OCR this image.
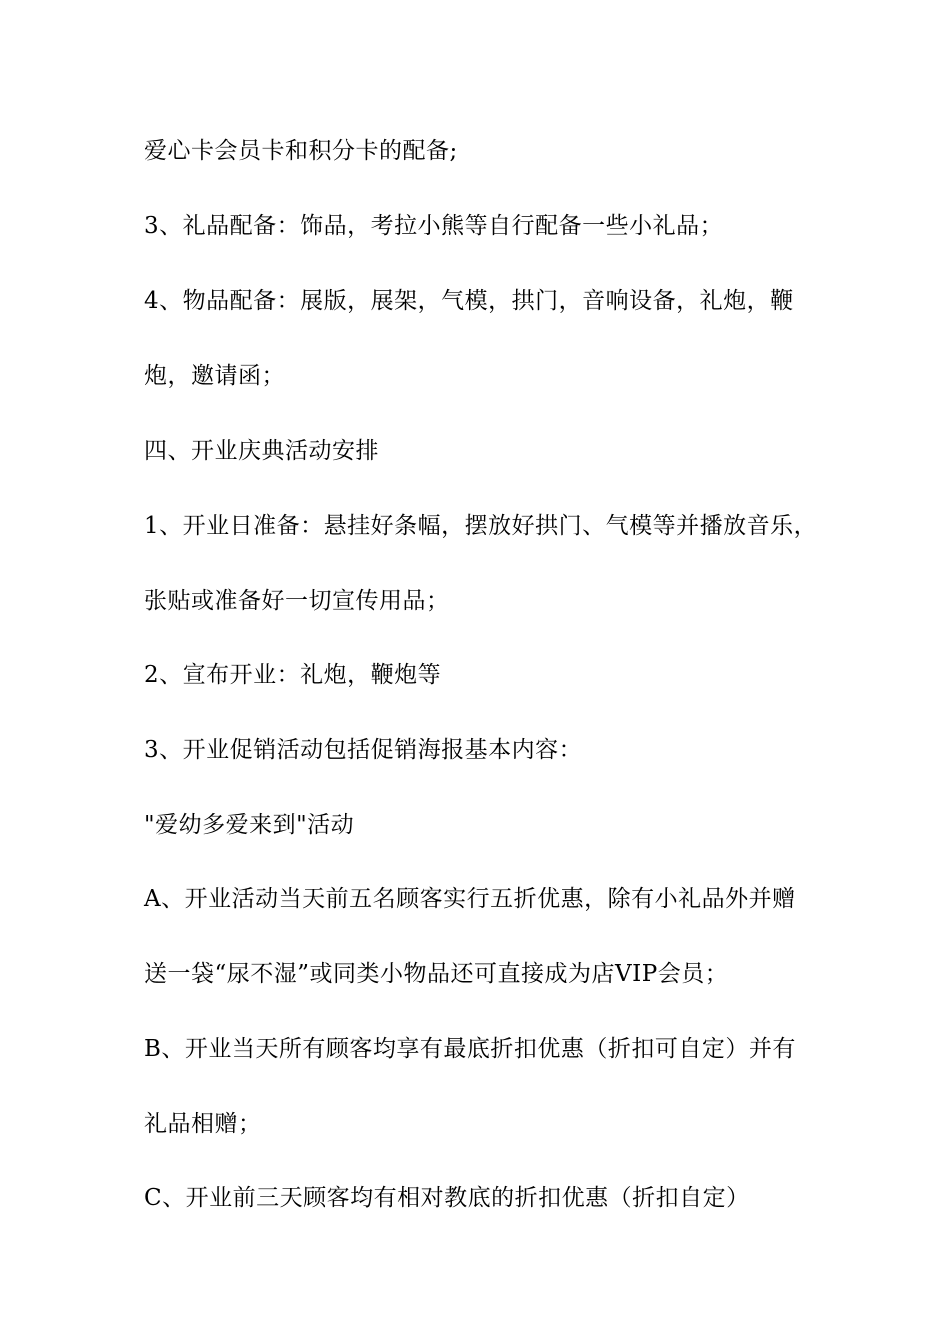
爱心卡会员卡和积分卡的配备;
3、礼品配备：饰品，考拉小熊等自行配备一些小礼品；
4、物品配备：展版，展架，气模，拱门，音响设备，礼炮，鞭
炮，邀请函；
四、开业庆典活动安排
1、开业日准备：悬挂好条幅，摆放好拱门、气模等并播放音乐，
张贴或准备好一切宣传用品；
2、宣布开业：礼炮，鞭炮等
3、开业促销活动包括促销海报基本内容：
"爱幼多爱来到"活动
A、开业活动当天前五名顾客实行五折优惠，除有小礼品外并赠
送一袋“尿不湿”或同类小物品还可直接成为店VIP会员；
B、开业当天所有顾客均享有最底折扣优惠（折扣可自定）并有
礼品相赠；
C、开业前三天顾客均有相对教底的折扣优惠（折扣自定）
